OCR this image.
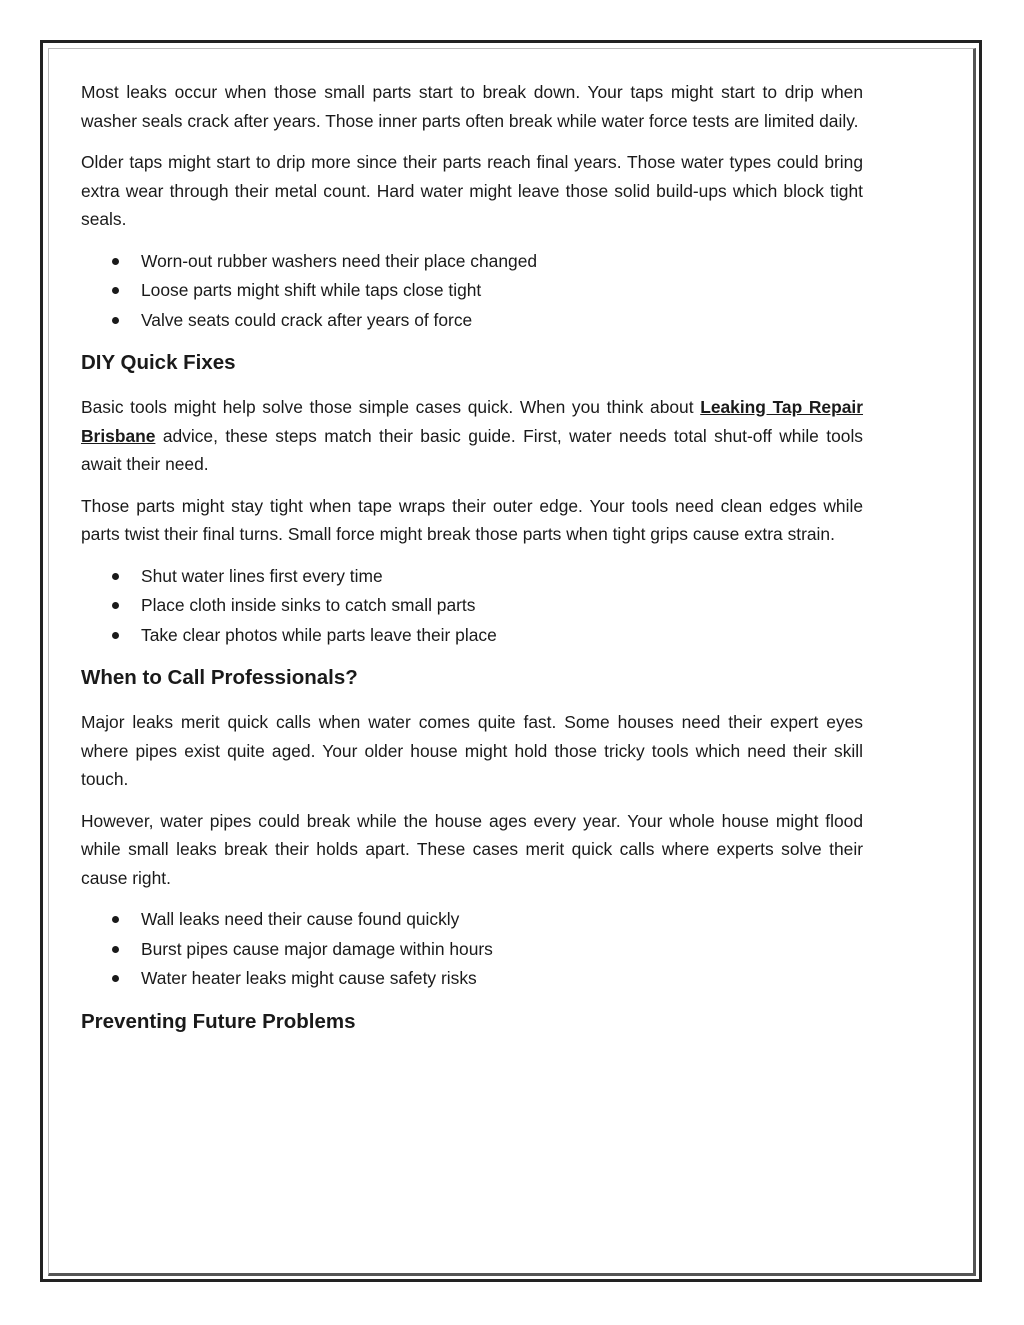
Most leaks occur when those small parts start to break down. Your taps might start to drip when washer seals crack after years. Those inner parts often break while water force tests are limited daily.

Older taps might start to drip more since their parts reach final years. Those water types could bring extra wear through their metal count. Hard water might leave those solid build-ups which block tight seals.

Worn-out rubber washers need their place changed
Loose parts might shift while taps close tight
Valve seats could crack after years of force
DIY Quick Fixes

Basic tools might help solve those simple cases quick. When you think about Leaking Tap Repair Brisbane advice, these steps match their basic guide. First, water needs total shut-off while tools await their need.

Those parts might stay tight when tape wraps their outer edge. Your tools need clean edges while parts twist their final turns. Small force might break those parts when tight grips cause extra strain.

Shut water lines first every time
Place cloth inside sinks to catch small parts
Take clear photos while parts leave their place
When to Call Professionals?

Major leaks merit quick calls when water comes quite fast. Some houses need their expert eyes where pipes exist quite aged. Your older house might hold those tricky tools which need their skill touch.

However, water pipes could break while the house ages every year. Your whole house might flood while small leaks break their holds apart. These cases merit quick calls where experts solve their cause right.

Wall leaks need their cause found quickly
Burst pipes cause major damage within hours
Water heater leaks might cause safety risks
Preventing Future Problems
